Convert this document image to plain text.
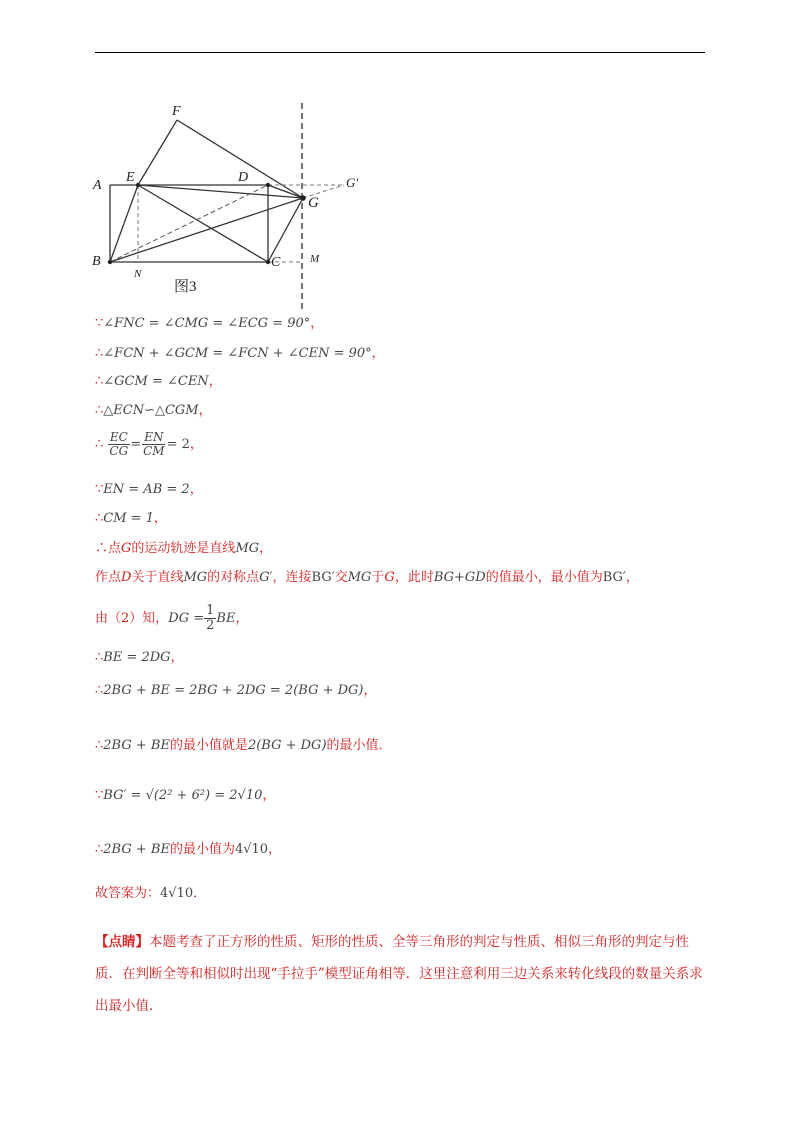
A
E
F
D	G′
G
B
N
C	M
图3
∵∠FNC = ∠CMG = ∠ECG = 90°，
∴∠FCN + ∠GCM = ∠FCN + ∠CEN = 90°，
∴∠GCM = ∠CEN，
∴△ECN∽△CGM，
∴ $\frac{EC}{CG} = \frac{EN}{CM} = 2$，
∵EN = AB = 2，
∴CM = 1，
∴点G的运动轨迹是直线MG，
作点D关于直线MG的对称点G′，连接BG′交MG于G，此时BG+GD的值最小，最小值为BG′，
由（2）知，DG = $\frac{1}{2}$ BE，
∴BE = 2DG，
∴2BG + BE = 2BG + 2DG = 2(BG + DG)，
∴2BG + BE的最小值就是2(BG + DG)的最小值．
∵BG′ = √(2² + 6²) = 2√10，
∴2BG + BE的最小值为4√10，
故答案为：4√10．
【点睛】本题考查了正方形的性质、矩形的性质、全等三角形的判定与性质、相似三角形的判定与性质．在判断全等和相似时出现“手拉手”模型证角相等．这里注意利用三边关系来转化线段的数量关系求出最小值．
